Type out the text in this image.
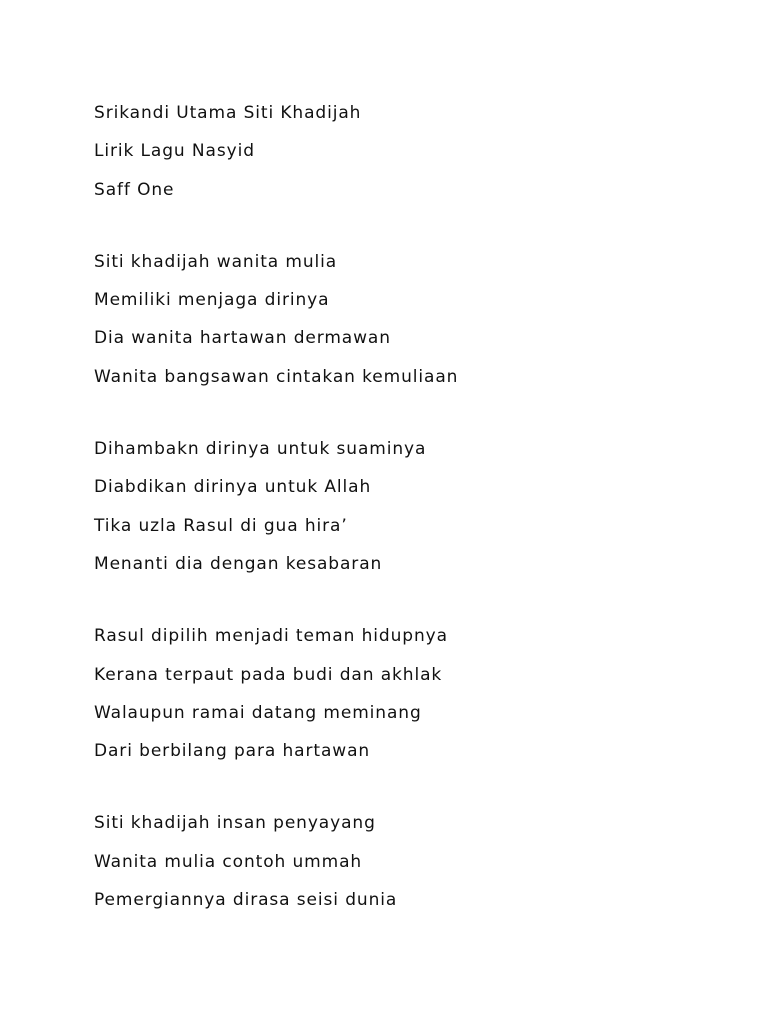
Srikandi Utama Siti Khadijah
Lirik Lagu Nasyid
Saff One
Siti khadijah wanita mulia
Memiliki menjaga dirinya
Dia wanita hartawan dermawan
Wanita bangsawan cintakan kemuliaan
Dihambakn dirinya untuk suaminya
Diabdikan dirinya untuk Allah
Tika uzla Rasul di gua hira’
Menanti dia dengan kesabaran
Rasul dipilih menjadi teman hidupnya
Kerana terpaut pada budi dan akhlak
Walaupun ramai datang meminang
Dari berbilang para hartawan
Siti khadijah insan penyayang
Wanita mulia contoh ummah
Pemergiannya dirasa seisi dunia
